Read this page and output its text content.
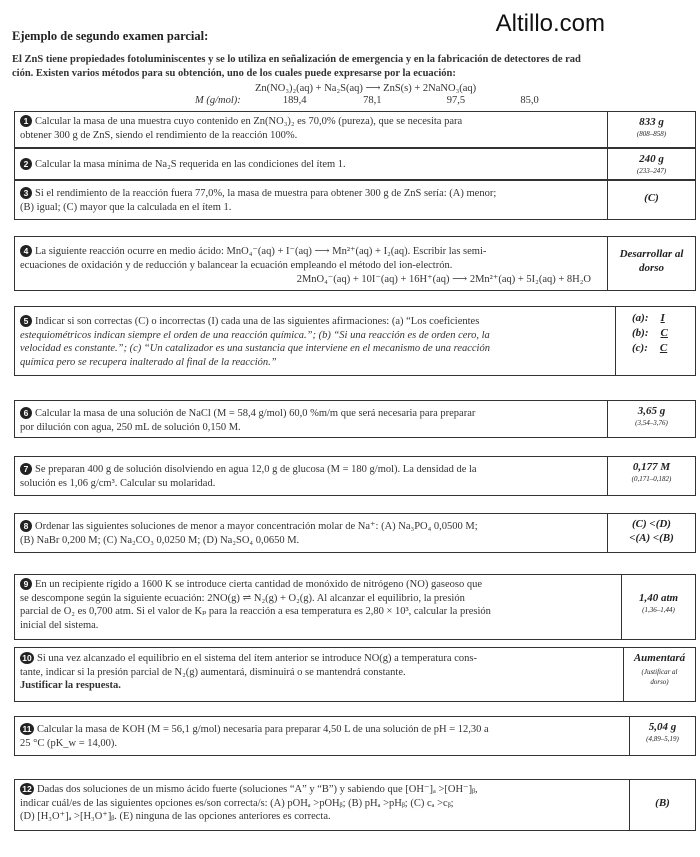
Ejemplo de segundo examen parcial:	Altillo.com
El ZnS tiene propiedades fotoluminiscentes y se lo utiliza en señalización de emergencia y en la fabricación de detectores de rad
ción. Existen varios métodos para su obtención, uno de los cuales puede expresarse por la ecuación:
Zn(NO₃)₂(aq) + Na₂S(aq) ⟶ ZnS(s) + 2NaNO₃(aq)
M (g/mol):	189,4	78,1	97,5	85,0
1 Calcular la masa de una muestra cuyo contenido en Zn(NO₃)₂ es 70,0% (pureza), que se necesita para
obtener 300 g de ZnS, siendo el rendimiento de la reacción 100%.
833 g
(808–858)
2 Calcular la masa mínima de Na₂S requerida en las condiciones del ítem 1.	240 g
(233–247)
3 Si el rendimiento de la reacción fuera 77,0%, la masa de muestra para obtener 300 g de ZnS sería: (A) menor;
(B) igual; (C) mayor que la calculada en el ítem 1.
(C)
4 La siguiente reacción ocurre en medio ácido: MnO₄⁻(aq) + I⁻(aq) ⟶ Mn²⁺(aq) + I₂(aq). Escribir las semi-
ecuaciones de oxidación y de reducción y balancear la ecuación empleando el método del ion-electrón.
2MnO₄⁻(aq) + 10I⁻(aq) + 16H⁺(aq) ⟶ 2Mn²⁺(aq) + 5I₂(aq) + 8H₂O
Desarrollar al dorso
5 Indicar si son correctas (C) o incorrectas (I) cada una de las siguientes afirmaciones: (a) “Los coeficientes
estequiométricos indican siempre el orden de una reacción química.”; (b) “Si una reacción es de orden cero, la
velocidad es constante.”; (c) “Un catalizador es una sustancia que interviene en el mecanismo de una reacción
química pero se recupera inalterado al final de la reacción.”
(a): I
(b): C
(c): C
6 Calcular la masa de una solución de NaCl (M = 58,4 g/mol) 60,0 %m/m que será necesaria para preparar
por dilución con agua, 250 mL de solución 0,150 M.
3,65 g
(3,54–3,76)
7 Se preparan 400 g de solución disolviendo en agua 12,0 g de glucosa (M = 180 g/mol). La densidad de la
solución es 1,06 g/cm³. Calcular su molaridad.
0,177 M
(0,171–0,182)
8 Ordenar las siguientes soluciones de menor a mayor concentración molar de Na⁺: (A) Na₃PO₄ 0,0500 M;
(B) NaBr 0,200 M; (C) Na₂CO₃ 0,0250 M; (D) Na₂SO₄ 0,0650 M.
(C) <(D) <(A) <(B)
9 En un recipiente rígido a 1600 K se introduce cierta cantidad de monóxido de nitrógeno (NO) gaseoso que
se descompone según la siguiente ecuación: 2NO(g) ⇌ N₂(g) + O₂(g). Al alcanzar el equilibrio, la presión
parcial de O₂ es 0,700 atm. Si el valor de Kₚ para la reacción a esa temperatura es 2,80 × 10³, calcular la presión
inicial del sistema.
1,40 atm
(1,36–1,44)
10 Si una vez alcanzado el equilibrio en el sistema del ítem anterior se introduce NO(g) a temperatura cons-
tante, indicar si la presión parcial de N₂(g) aumentará, disminuirá o se mantendrá constante.
Justificar la respuesta.
Aumentará
(Justificar al dorso)
11 Calcular la masa de KOH (M = 56,1 g/mol) necesaria para preparar 4,50 L de una solución de pH = 12,30 a
25 °C (pK_w = 14,00).
5,04 g
(4,89–5,19)
12 Dadas dos soluciones de un mismo ácido fuerte (soluciones “A” y “B”) y sabiendo que [OH⁻]ₐ >[OH⁻]ᵦ,
indicar cuál/es de las siguientes opciones es/son correcta/s: (A) pOHₐ >pOHᵦ; (B) pHₐ >pHᵦ; (C) cₐ >cᵦ;
(D) [H₃O⁺]ₐ >[H₃O⁺]ᵦ. (E) ninguna de las opciones anteriores es correcta.
(B)
